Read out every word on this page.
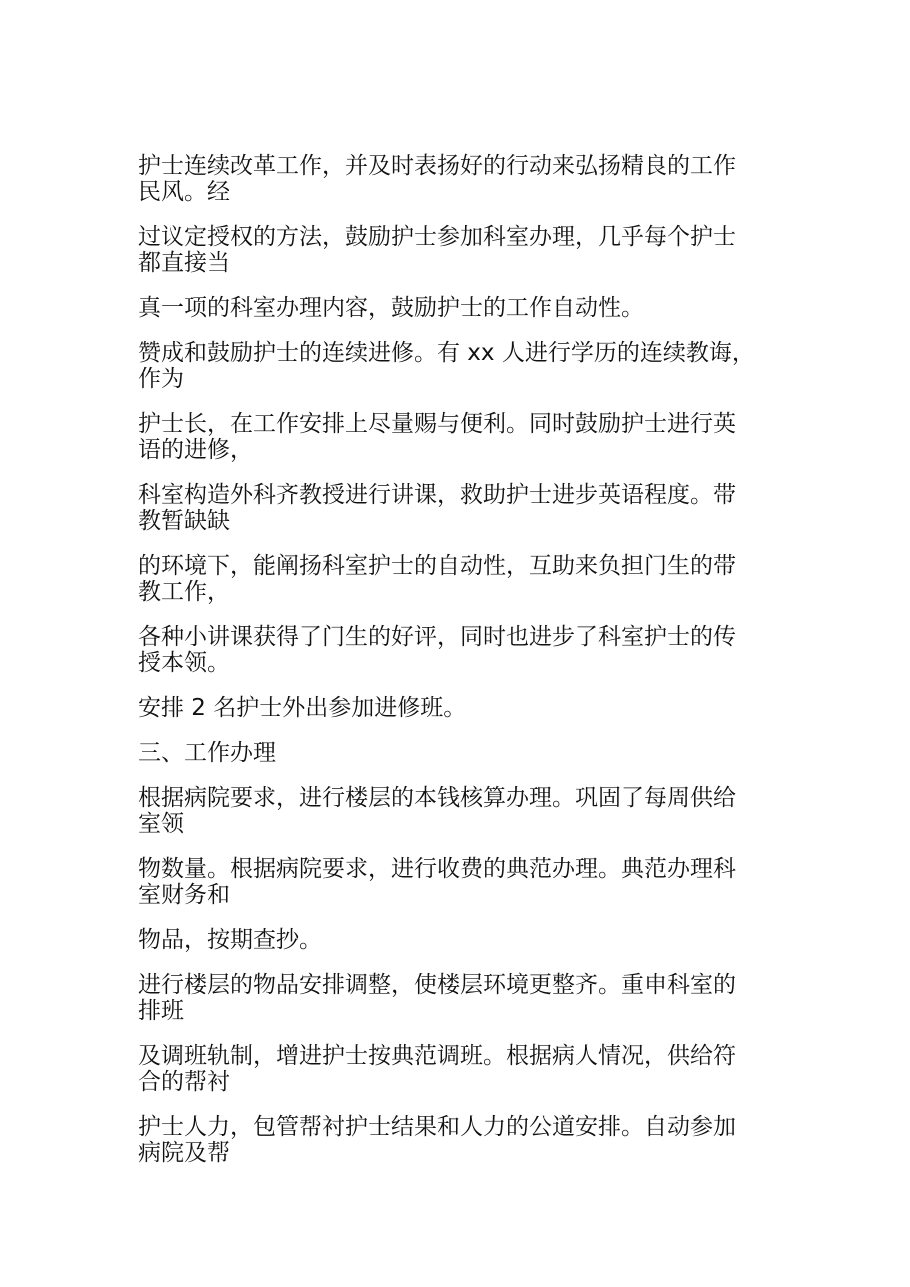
护士连续改革工作，并及时表扬好的行动来弘扬精良的工作民风。经

过议定授权的方法，鼓励护士参加科室办理，几乎每个护士都直接当

真一项的科室办理内容，鼓励护士的工作自动性。

赞成和鼓励护士的连续进修。有 xx 人进行学历的连续教诲，作为

护士长，在工作安排上尽量赐与便利。同时鼓励护士进行英语的进修，

科室构造外科齐教授进行讲课，救助护士进步英语程度。带教暂缺缺

的环境下，能阐扬科室护士的自动性，互助来负担门生的带教工作，

各种小讲课获得了门生的好评，同时也进步了科室护士的传授本领。

安排 2 名护士外出参加进修班。

三、工作办理

根据病院要求，进行楼层的本钱核算办理。巩固了每周供给室领

物数量。根据病院要求，进行收费的典范办理。典范办理科室财务和

物品，按期查抄。

进行楼层的物品安排调整，使楼层环境更整齐。重申科室的排班

及调班轨制，增进护士按典范调班。根据病人情况，供给符合的帮衬

护士人力，包管帮衬护士结果和人力的公道安排。自动参加病院及帮
